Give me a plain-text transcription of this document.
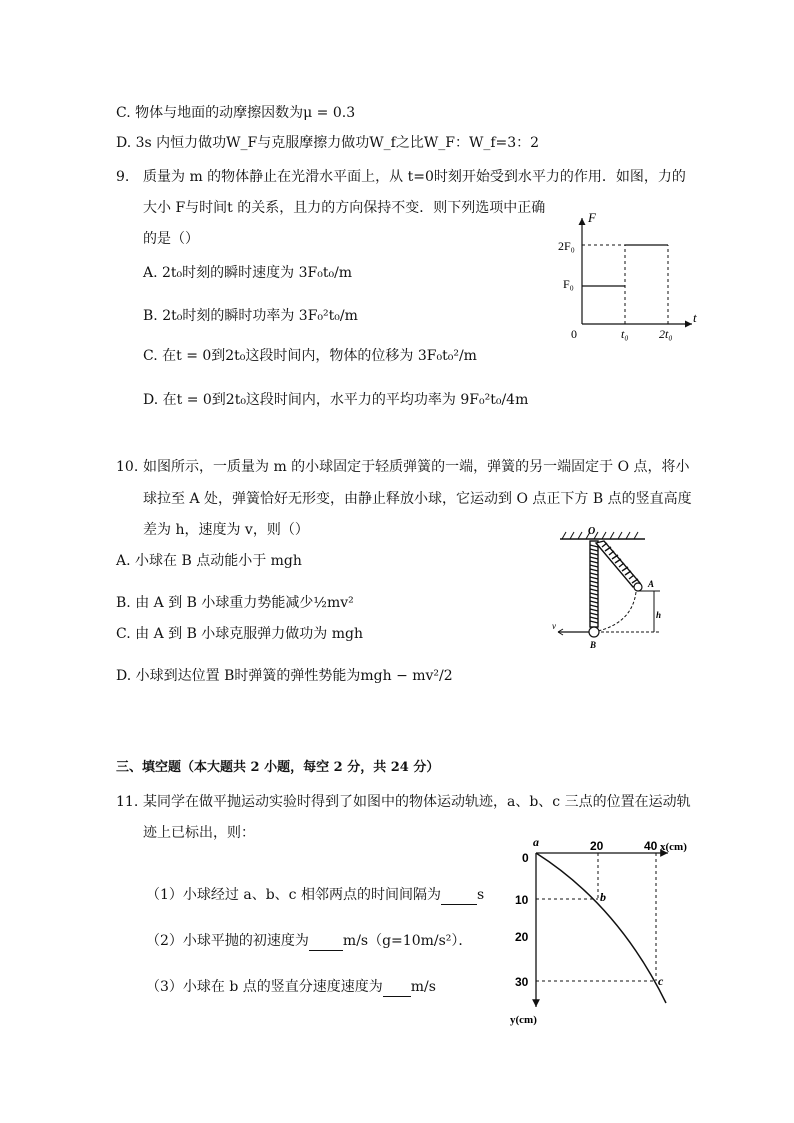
C. 物体与地面的动摩擦因数为μ = 0.3
D. 3s 内恒力做功W_F与克服摩擦力做功W_f之比W_F：W_f=3：2
9. 质量为 m 的物体静止在光滑水平面上，从 t=0时刻开始受到水平力的作用．如图，力的
大小 F与时间t 的关系，且力的方向保持不变．则下列选项中正确
的是（）
A. 2t₀时刻的瞬时速度为 3F₀t₀/m
B. 2t₀时刻的瞬时功率为 3F₀²t₀/m
C. 在t = 0到2t₀这段时间内，物体的位移为 3F₀t₀²/m
D. 在t = 0到2t₀这段时间内，水平力的平均功率为 9F₀²t₀/4m
F
t
2F₀
F₀
0	t₀	2t₀
10. 如图所示，一质量为 m 的小球固定于轻质弹簧的一端，弹簧的另一端固定于 O 点，将小
球拉至 A 处，弹簧恰好无形变，由静止释放小球，它运动到 O 点正下方 B 点的竖直高度
差为 h，速度为 v，则（）
A. 小球在 B 点动能小于 mgh
B. 由 A 到 B 小球重力势能减少½mv²
C. 由 A 到 B 小球克服弹力做功为 mgh
D. 小球到达位置 B时弹簧的弹性势能为mgh − mv²/2
O
A
h
v
B
三、填空题（本大题共 2 小题，每空 2 分，共 24 分）
11. 某同学在做平抛运动实验时得到了如图中的物体运动轨迹，a、b、c 三点的位置在运动轨
迹上已标出，则：
（1）小球经过 a、b、c 相邻两点的时间间隔为	s
（2）小球平抛的初速度为 m/s（g=10m/s²）．
（3）小球在 b 点的竖直分速度速度为 m/s
x(cm)
y(cm)
20	40
0
10
20
30
a
b
c
